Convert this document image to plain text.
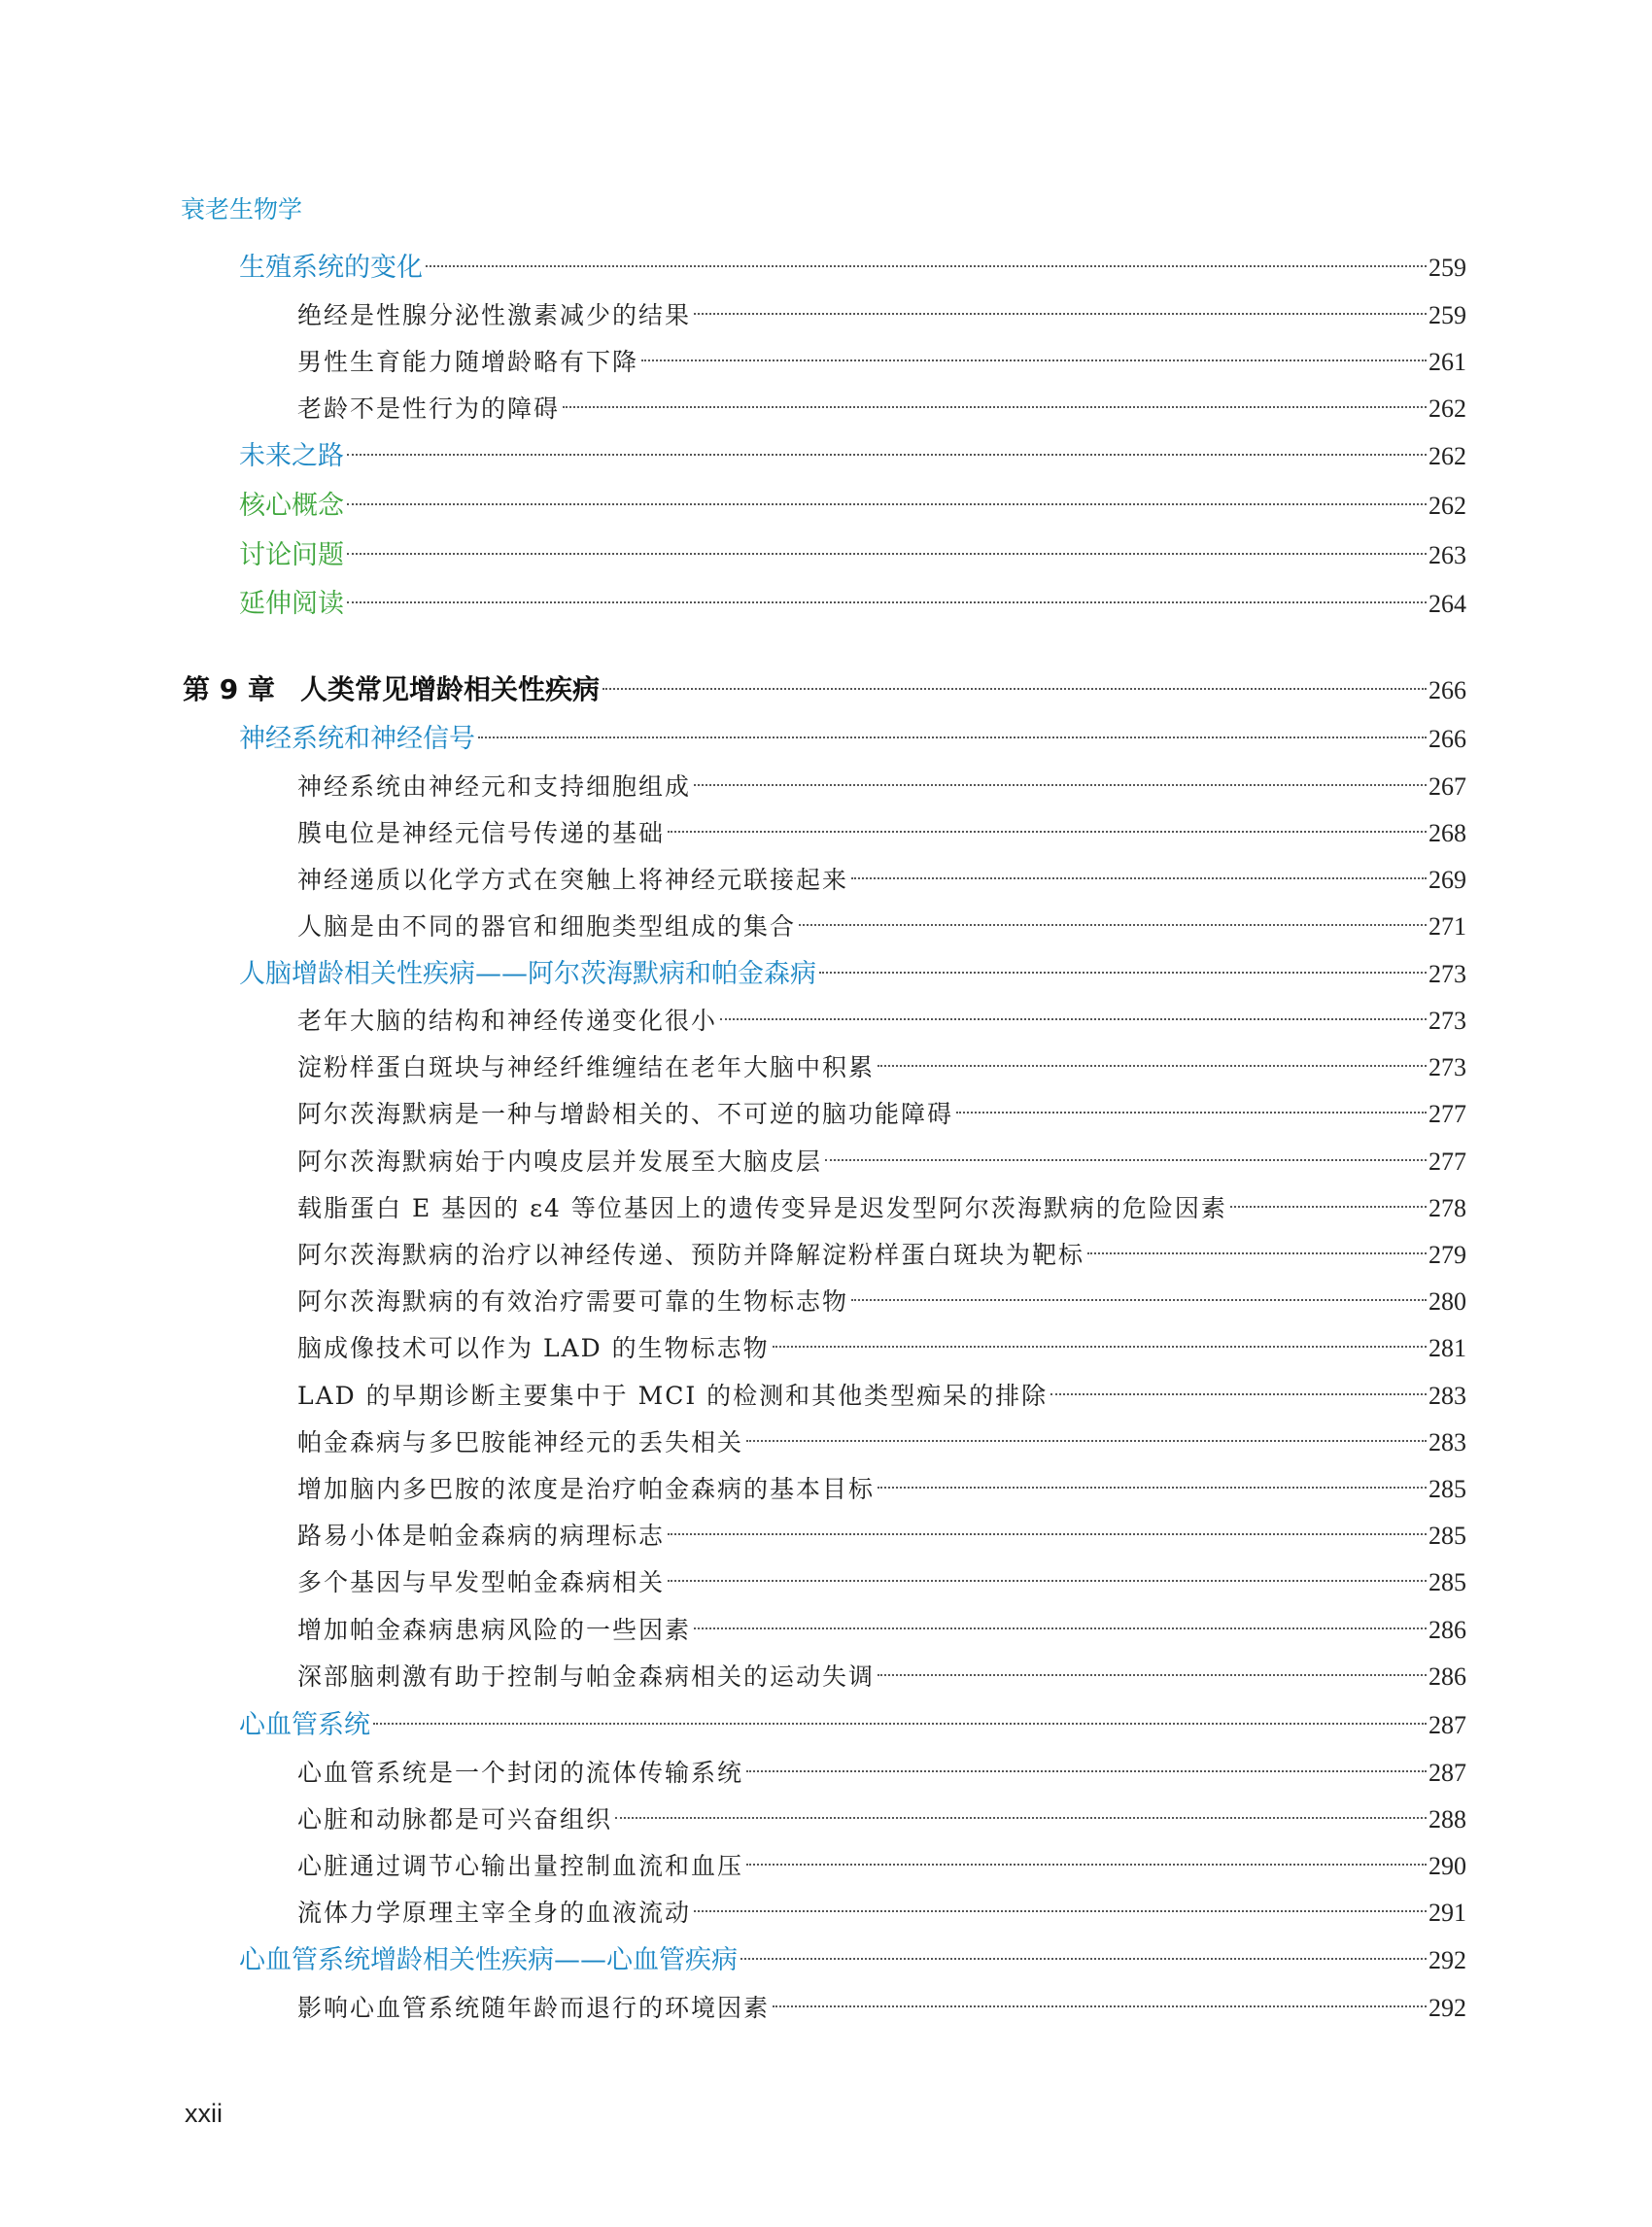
衰老生物学
生殖系统的变化	259
绝经是性腺分泌性激素减少的结果	259
男性生育能力随增龄略有下降	261
老龄不是性行为的障碍	262
未来之路	262
核心概念	262
讨论问题	263
延伸阅读	264
第 9 章 人类常见增龄相关性疾病	266
神经系统和神经信号	266
神经系统由神经元和支持细胞组成	267
膜电位是神经元信号传递的基础	268
神经递质以化学方式在突触上将神经元联接起来	269
人脑是由不同的器官和细胞类型组成的集合	271
人脑增龄相关性疾病——阿尔茨海默病和帕金森病	273
老年大脑的结构和神经传递变化很小	273
淀粉样蛋白斑块与神经纤维缠结在老年大脑中积累	273
阿尔茨海默病是一种与增龄相关的、不可逆的脑功能障碍	277
阿尔茨海默病始于内嗅皮层并发展至大脑皮层	277
载脂蛋白 E 基因的 ε4 等位基因上的遗传变异是迟发型阿尔茨海默病的危险因素	278
阿尔茨海默病的治疗以神经传递、预防并降解淀粉样蛋白斑块为靶标	279
阿尔茨海默病的有效治疗需要可靠的生物标志物	280
脑成像技术可以作为 LAD 的生物标志物	281
LAD 的早期诊断主要集中于 MCI 的检测和其他类型痴呆的排除	283
帕金森病与多巴胺能神经元的丢失相关	283
增加脑内多巴胺的浓度是治疗帕金森病的基本目标	285
路易小体是帕金森病的病理标志	285
多个基因与早发型帕金森病相关	285
增加帕金森病患病风险的一些因素	286
深部脑刺激有助于控制与帕金森病相关的运动失调	286
心血管系统	287
心血管系统是一个封闭的流体传输系统	287
心脏和动脉都是可兴奋组织	288
心脏通过调节心输出量控制血流和血压	290
流体力学原理主宰全身的血液流动	291
心血管系统增龄相关性疾病——心血管疾病	292
影响心血管系统随年龄而退行的环境因素	292
xxii
